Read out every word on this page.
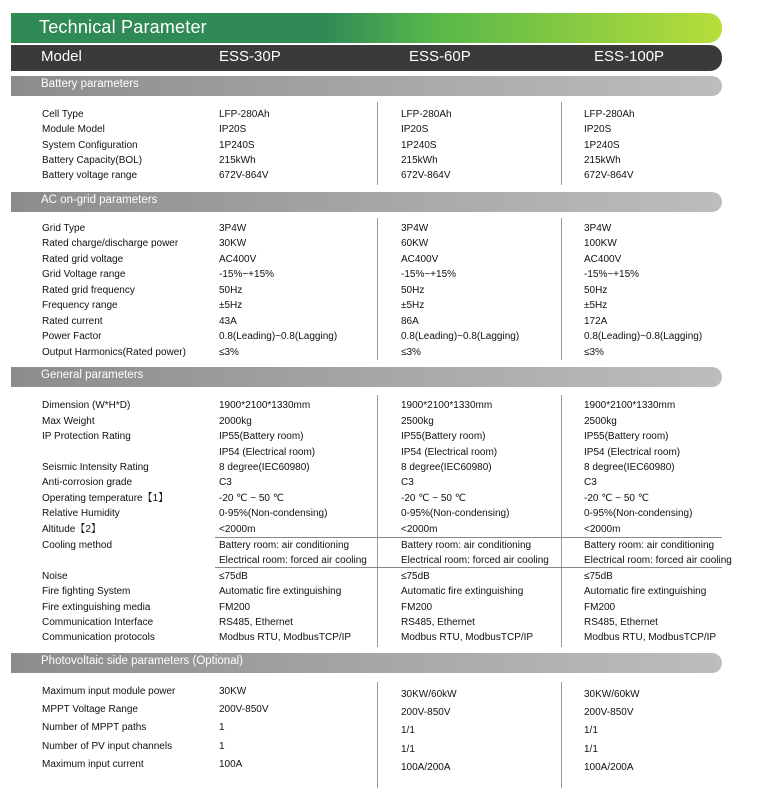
Technical Parameter
Model	ESS-30P	ESS-60P	ESS-100P
Battery parameters
AC on-grid parameters
General parameters
Photovoltaic side parameters (Optional)
Cell Type	LFP-280Ah	LFP-280Ah	LFP-280Ah
Module Model	IP20S	IP20S	IP20S
System Configuration	1P240S	1P240S	1P240S
Battery Capacity(BOL)	215kWh	215kWh	215kWh
Battery voltage range	672V-864V	672V-864V	672V-864V
Grid Type	3P4W	3P4W	3P4W
Rated charge/discharge power	30KW	60KW	100KW
Rated grid voltage	AC400V	AC400V	AC400V
Grid Voltage range	-15%~+15%	-15%~+15%	-15%~+15%
Rated grid frequency	50Hz	50Hz	50Hz
Frequency range	±5Hz	±5Hz	±5Hz
Rated current	43A	86A	172A
Power Factor	0.8(Leading)~0.8(Lagging)	0.8(Leading)~0.8(Lagging)	0.8(Leading)~0.8(Lagging)
Output Harmonics(Rated power)	≤3%	≤3%	≤3%
Dimension (W*H*D)	1900*2100*1330mm	1900*2100*1330mm	1900*2100*1330mm
Max Weight	2000kg	2500kg	2500kg
IP Protection Rating	IP55(Battery room)	IP55(Battery room)	IP55(Battery room)
IP54 (Electrical room)	IP54 (Electrical room)	IP54 (Electrical room)
Seismic Intensity Rating	8 degree(IEC60980)	8 degree(IEC60980)	8 degree(IEC60980)
Anti-corrosion grade	C3	C3	C3
Operating temperature【1】	-20 ℃ ~ 50 ℃	-20 ℃ ~ 50 ℃	-20 ℃ ~ 50 ℃
Relative Humidity	0-95%(Non-condensing)	0-95%(Non-condensing)	0-95%(Non-condensing)
Altitude【2】	<2000m	<2000m	<2000m
Cooling method	Battery room: air conditioning	Battery room: air conditioning	Battery room: air conditioning
Electrical room: forced air cooling	Electrical room: forced air cooling	Electrical room: forced air cooling
Noise	≤75dB	≤75dB	≤75dB
Fire fighting System	Automatic fire extinguishing	Automatic fire extinguishing	Automatic fire extinguishing
Fire extinguishing media	FM200	FM200	FM200
Communication Interface	RS485, Ethernet	RS485, Ethernet	RS485, Ethernet
Communication protocols	Modbus RTU, ModbusTCP/IP	Modbus RTU, ModbusTCP/IP	Modbus RTU, ModbusTCP/IP
Maximum input module power	30KW	30KW/60kW	30KW/60kW
MPPT Voltage Range	200V-850V	200V-850V	200V-850V
Number of MPPT paths	1	1/1	1/1
Number of PV input channels	1	1/1	1/1
Maximum input current	100A	100A/200A	100A/200A
